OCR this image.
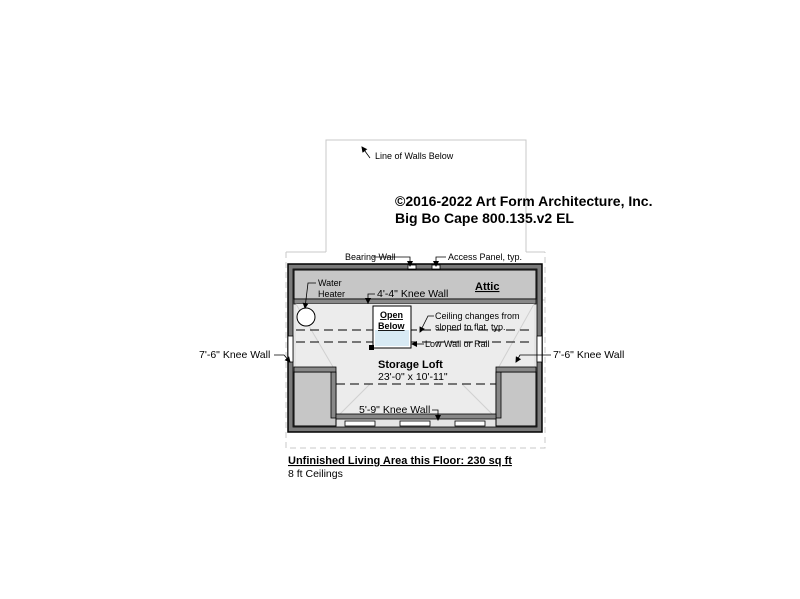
©2016-2022 Art Form Architecture, Inc.
Big Bo Cape 800.135.v2 EL
Line of Walls Below
Bearing Wall	Access Panel, typ.
Water
Heater	4'-4" Knee Wall
Attic
Open
Below
Ceiling changes from
sloped to flat, typ.
Low Wall or Rail
7'-6" Knee Wall	7'-6" Knee Wall
Storage Loft
23'-0" x 10'-11"
5'-9" Knee Wall
Unfinished Living Area this Floor: 230 sq ft
8 ft Ceilings
